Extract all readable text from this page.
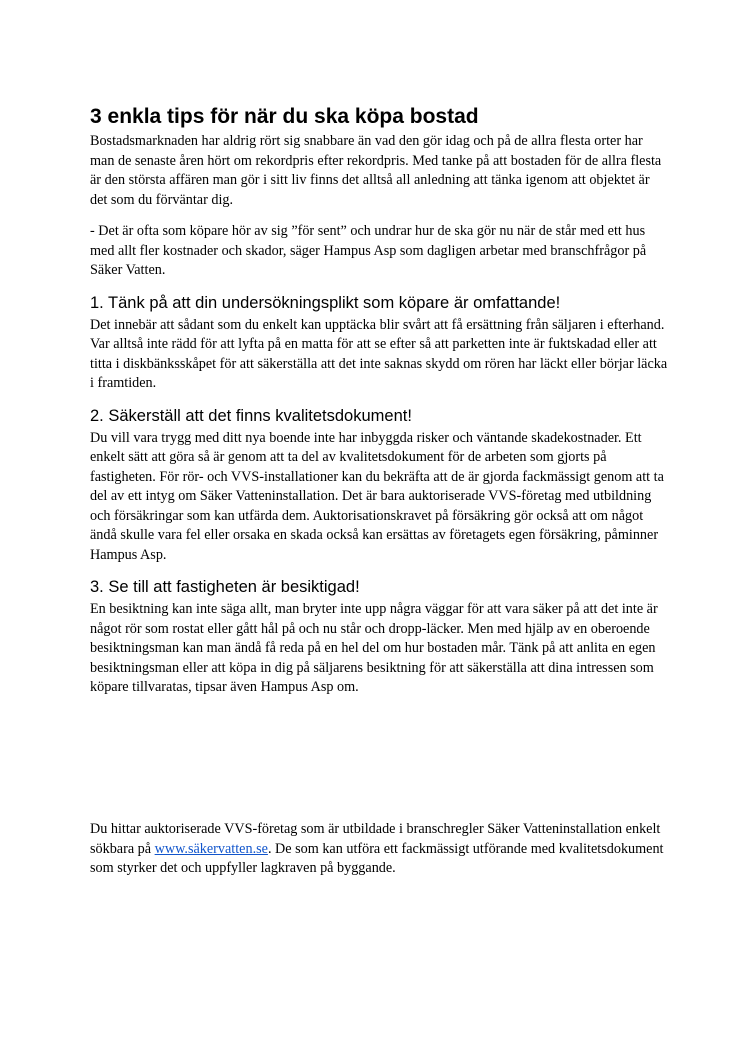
3 enkla tips för när du ska köpa bostad

Bostadsmarknaden har aldrig rört sig snabbare än vad den gör idag och på de allra flesta orter har man de senaste åren hört om rekordpris efter rekordpris. Med tanke på att bostaden för de allra flesta är den största affären man gör i sitt liv finns det alltså all anledning att tänka igenom att objektet är det som du förväntar dig.

- Det är ofta som köpare hör av sig ”för sent” och undrar hur de ska gör nu när de står med ett hus med allt fler kostnader och skador, säger Hampus Asp som dagligen arbetar med branschfrågor på Säker Vatten.

1. Tänk på att din undersökningsplikt som köpare är omfattande!

Det innebär att sådant som du enkelt kan upptäcka blir svårt att få ersättning från säljaren i efterhand. Var alltså inte rädd för att lyfta på en matta för att se efter så att parketten inte är fuktskadad eller att titta i diskbänksskåpet för att säkerställa att det inte saknas skydd om rören har läckt eller börjar läcka i framtiden.

2. Säkerställ att det finns kvalitetsdokument!

Du vill vara trygg med ditt nya boende inte har inbyggda risker och väntande skadekostnader. Ett enkelt sätt att göra så är genom att ta del av kvalitetsdokument för de arbeten som gjorts på fastigheten. För rör- och VVS-installationer kan du bekräfta att de är gjorda fackmässigt genom att ta del av ett intyg om Säker Vatteninstallation. Det är bara auktoriserade VVS-företag med utbildning och försäkringar som kan utfärda dem. Auktorisationskravet på försäkring gör också att om något ändå skulle vara fel eller orsaka en skada också kan ersättas av företagets egen försäkring, påminner Hampus Asp.

3. Se till att fastigheten är besiktigad!

En besiktning kan inte säga allt, man bryter inte upp några väggar för att vara säker på att det inte är något rör som rostat eller gått hål på och nu står och dropp-läcker. Men med hjälp av en oberoende besiktningsman kan man ändå få reda på en hel del om hur bostaden mår. Tänk på att anlita en egen besiktningsman eller att köpa in dig på säljarens besiktning för att säkerställa att dina intressen som köpare tillvaratas, tipsar även Hampus Asp om.

Du hittar auktoriserade VVS-företag som är utbildade i branschregler Säker Vatteninstallation enkelt sökbara på www.säkervatten.se. De som kan utföra ett fackmässigt utförande med kvalitetsdokument som styrker det och uppfyller lagkraven på byggande.
